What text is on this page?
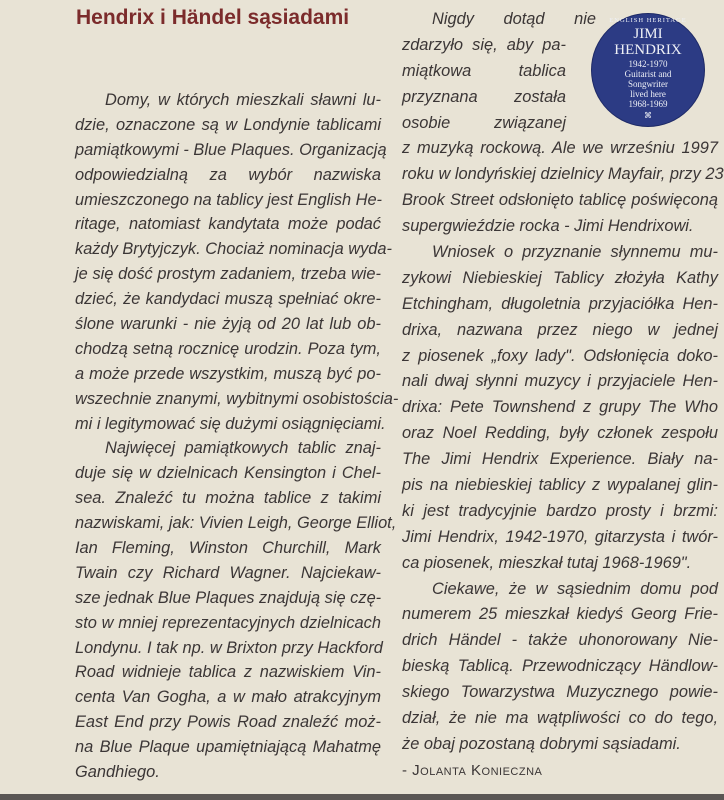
Hendrix i Händel sąsiadami
Domy, w których mieszkali sławni lu-
dzie, oznaczone są w Londynie tablicami
pamiątkowymi - Blue Plaques. Organizacją
odpowiedzialną za wybór nazwiska
umieszczonego na tablicy jest English He-
ritage, natomiast kandytata może podać
każdy Brytyjczyk. Chociaż nominacja wyda-
je się dość prostym zadaniem, trzeba wie-
dzieć, że kandydaci muszą spełniać okre-
ślone warunki - nie żyją od 20 lat lub ob-
chodzą setną rocznicę urodzin. Poza tym,
a może przede wszystkim, muszą być po-
wszechnie znanymi, wybitnymi osobistościa-
mi i legitymować się dużymi osiągnięciami.
Najwięcej pamiątkowych tablic znaj-
duje się w dzielnicach Kensington i Chel-
sea. Znaleźć tu można tablice z takimi
nazwiskami, jak: Vivien Leigh, George Elliot,
Ian Fleming, Winston Churchill, Mark
Twain czy Richard Wagner. Najciekaw-
sze jednak Blue Plaques znajdują się czę-
sto w mniej reprezentacyjnych dzielnicach
Londynu. I tak np. w Brixton przy Hackford
Road widnieje tablica z nazwiskiem Vin-
centa Van Gogha, a w mało atrakcyjnym
East End przy Powis Road znaleźć moż-
na Blue Plaque upamiętniającą Mahatmę
Gandhiego.
Nigdy dotąd nie
zdarzyło się, aby pa-
miątkowa tablica
przyznana została
osobie związanej
z muzyką rockową. Ale we wrześniu 1997
roku w londyńskiej dzielnicy Mayfair, przy 23
Brook Street odsłonięto tablicę poświęconą
supergwieździe rocka - Jimi Hendrixowi.
Wniosek o przyznanie słynnemu mu-
zykowi Niebieskiej Tablicy złożyła Kathy
Etchingham, długoletnia przyjaciółka Hen-
drixa, nazwana przez niego w jednej
z piosenek „foxy lady". Odsłonięcia doko-
nali dwaj słynni muzycy i przyjaciele Hen-
drixa: Pete Townshend z grupy The Who
oraz Noel Redding, były członek zespołu
The Jimi Hendrix Experience. Biały na-
pis na niebieskiej tablicy z wypalanej glin-
ki jest tradycyjnie bardzo prosty i brzmi:
Jimi Hendrix, 1942-1970, gitarzysta i twór-
ca piosenek, mieszkał tutaj 1968-1969".
Ciekawe, że w sąsiednim domu pod
numerem 25 mieszkał kiedyś Georg Frie-
drich Händel - także uhonorowany Nie-
bieską Tablicą. Przewodniczący Händlow-
skiego Towarzystwa Muzycznego powie-
dział, że nie ma wątpliwości co do tego,
że obaj pozostaną dobrymi sąsiadami.
- Jolanta Konieczna
ENGLISH HERITAGE
JIMI
HENDRIX
1942-1970
Guitarist and
Songwriter
lived here
1968-1969
⌘
